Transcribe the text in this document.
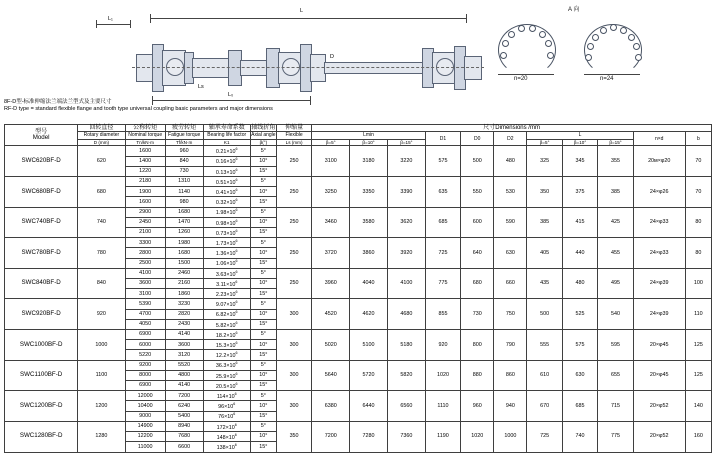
L₁
L
L₀
Ls
D
A 向
n=20	n=24
8F-D型-标准伸缩法兰端法兰型式及主要尺寸
RF-D type = standard flexible flange and tooth type universal coupling basic parameters and major dimensions
型号
Model	回转直径	公称转矩	疲劳转矩	轴承寿命系数	轴线折角	伸缩量	尺寸Dimensions /mm										
	Rotary diameter	Nominal torque	Fatigue torque	Bearing life factor	Axial angle	Flexible	Lmin			D1	D0	D2	L			n×d	b
	D (mm)	Tn/kN·m	Tf/kN·m	K1	β(°)	Ls (mm)	β=5°	β=10°	β=15°				β=5°	β=10°	β=15°		
SWC620BF-D	620	1600	960	$0.21\times 10^6$	5°	250	3100	3180	3220	575	500	480	325	345	355	20м×φ20	70
		1400	840	$0.16\times 10^6$	10°												
		1220	730	$0.13\times 10^6$	15°												
SWC680BF-D	680	2180	1310	$0.51\times 10^6$	5°	250	3250	3350	3390	635	550	530	350	375	385	24×φ26	70
		1900	1140	$0.41\times 10^6$	10°												
		1600	980	$0.32\times 10^6$	15°												
SWC740BF-D	740	2900	1680	$1.98\times 10^6$	5°	250	3460	3580	3620	685	600	590	385	415	425	24×φ33	80
		2450	1470	$0.98\times 10^6$	10°												
		2100	1260	$0.73\times 10^6$	15°												
SWC780BF-D	780	3300	1980	$1.73\times 10^6$	5°	250	3720	3860	3920	725	640	630	405	440	455	24×φ33	80
		2800	1680	$1.36\times 10^6$	10°												
		2500	1500	$1.06\times 10^6$	15°												
SWC840BF-D	840	4100	2460	$3.63\times 10^6$	5°	250	3960	4040	4100	775	680	660	435	480	495	24×φ39	100
		3600	2160	$3.11\times 10^6$	10°												
		3100	1860	$2.23\times 10^6$	15°												
SWC920BF-D	920	5390	3230	$9.07\times 10^6$	5°	300	4520	4620	4680	855	730	750	500	525	540	24×φ39	110
		4700	2820	$6.82\times 10^6$	10°												
		4050	2430	$5.82\times 10^6$	15°												
SWC1000BF-D	1000	6900	4140	$18.2\times 10^6$	5°	300	5020	5100	5180	920	800	790	555	575	595	20×φ45	125
		6000	3600	$15.3\times 10^6$	10°												
		5220	3120	$12.2\times 10^6$	15°												
SWC1100BF-D	1100	9200	5520	$36.3\times 10^6$	5°	300	5640	5720	5820	1020	880	860	610	630	655	20×φ45	125
		8000	4800	$25.9\times 10^6$	10°												
		6900	4140	$20.5\times 10^6$	15°												
SWC1200BF-D	1200	12000	7200	$114\times 10^6$	5°	300	6380	6440	6560	1110	960	940	670	685	715	20×φ52	140
		10400	6240	$96\times 10^6$	10°												
		9000	5400	$76\times 10^6$	15°												
SWC1280BF-D	1280	14900	8940	$172\times 10^6$	5°	350	7200	7280	7360	1190	1020	1000	725	740	775	20×φ52	160
		12200	7680	$148\times 10^6$	10°												
		11000	6600	$138\times 10^6$	15°												
